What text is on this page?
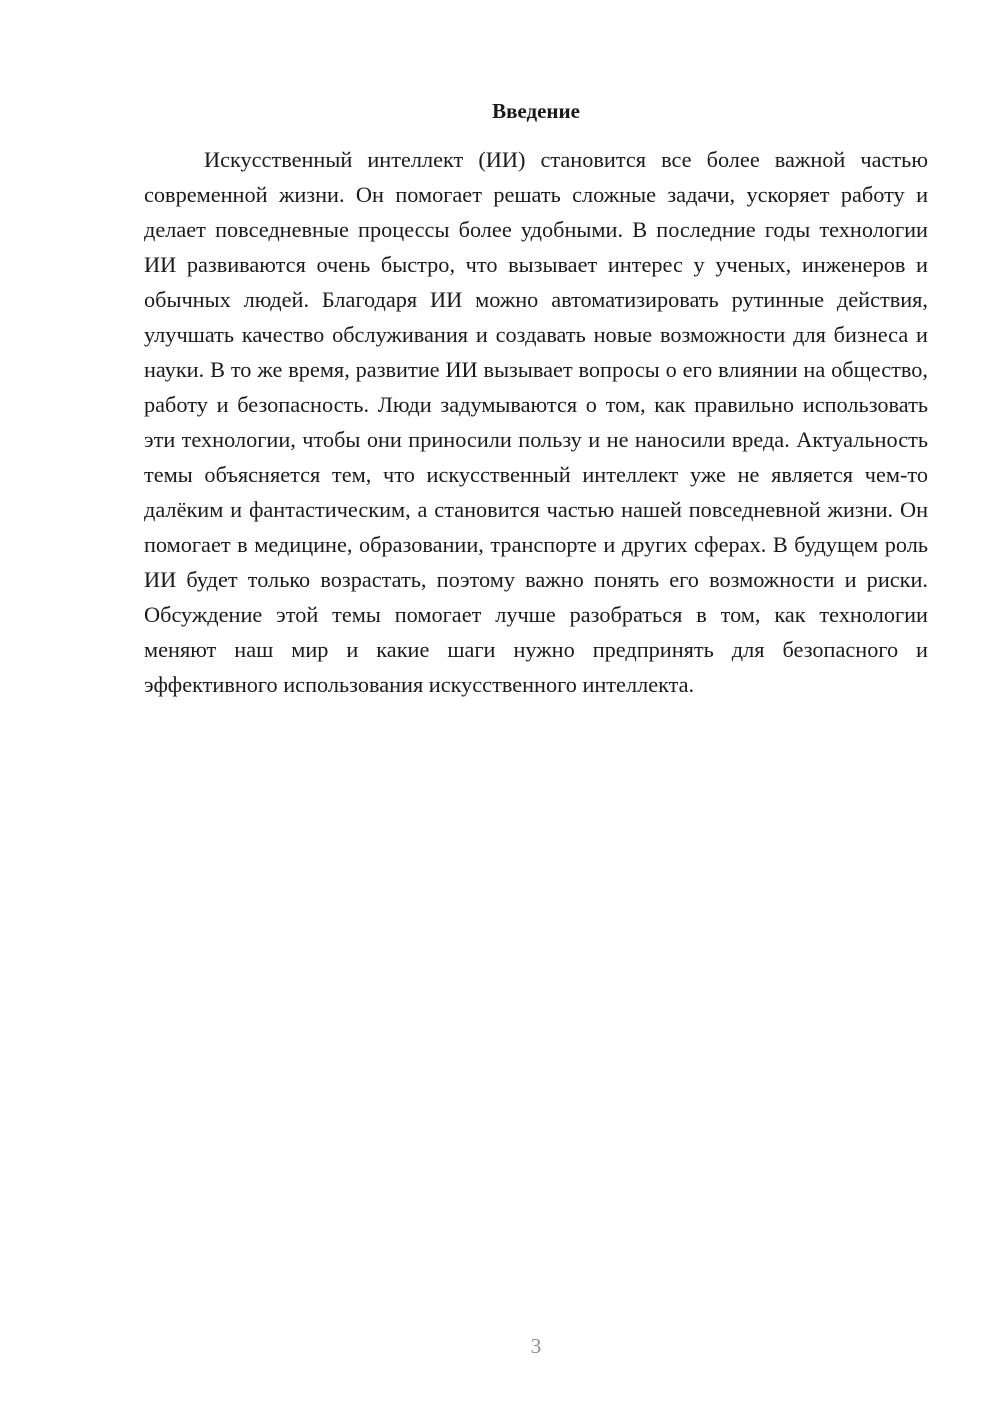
Введение

Искусственный интеллект (ИИ) становится все более важной частью современной жизни. Он помогает решать сложные задачи, ускоряет работу и делает повседневные процессы более удобными. В последние годы технологии ИИ развиваются очень быстро, что вызывает интерес у ученых, инженеров и обычных людей. Благодаря ИИ можно автоматизировать рутинные действия, улучшать качество обслуживания и создавать новые возможности для бизнеса и науки. В то же время, развитие ИИ вызывает вопросы о его влиянии на общество, работу и безопасность. Люди задумываются о том, как правильно использовать эти технологии, чтобы они приносили пользу и не наносили вреда. Актуальность темы объясняется тем, что искусственный интеллект уже не является чем-то далёким и фантастическим, а становится частью нашей повседневной жизни. Он помогает в медицине, образовании, транспорте и других сферах. В будущем роль ИИ будет только возрастать, поэтому важно понять его возможности и риски. Обсуждение этой темы помогает лучше разобраться в том, как технологии меняют наш мир и какие шаги нужно предпринять для безопасного и эффективного использования искусственного интеллекта.

3
